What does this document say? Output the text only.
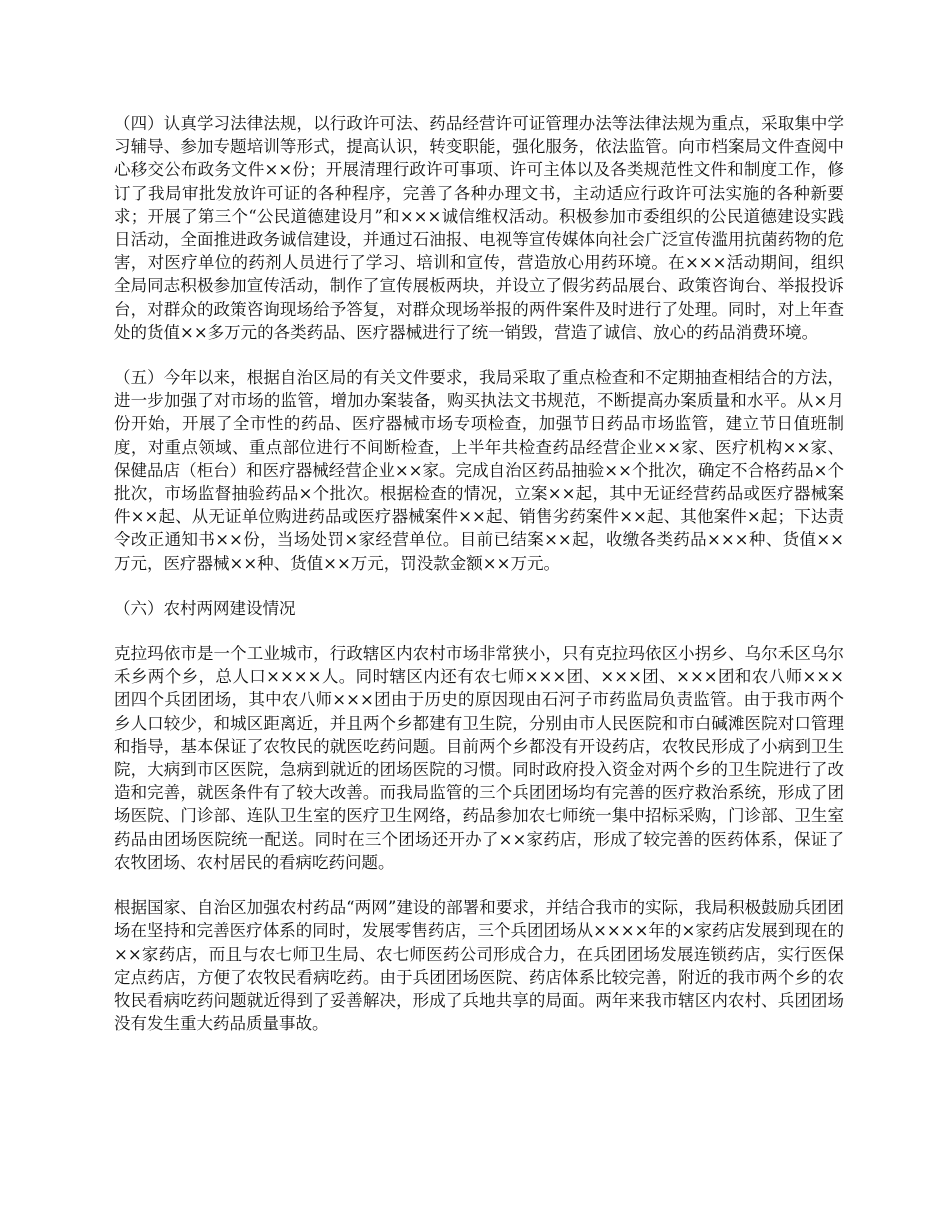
（四）认真学习法律法规，以行政许可法、药品经营许可证管理办法等法律法规为重点，采取集中学习辅导、参加专题培训等形式，提高认识，转变职能，强化服务，依法监管。向市档案局文件查阅中心移交公布政务文件××份；开展清理行政许可事项、许可主体以及各类规范性文件和制度工作，修订了我局审批发放许可证的各种程序，完善了各种办理文书，主动适应行政许可法实施的各种新要求；开展了第三个“公民道德建设月”和×××诚信维权活动。积极参加市委组织的公民道德建设实践日活动，全面推进政务诚信建设，并通过石油报、电视等宣传媒体向社会广泛宣传滥用抗菌药物的危害，对医疗单位的药剂人员进行了学习、培训和宣传，营造放心用药环境。在×××活动期间，组织全局同志积极参加宣传活动，制作了宣传展板两块，并设立了假劣药品展台、政策咨询台、举报投诉台，对群众的政策咨询现场给予答复，对群众现场举报的两件案件及时进行了处理。同时，对上年查处的货值××多万元的各类药品、医疗器械进行了统一销毁，营造了诚信、放心的药品消费环境。

（五）今年以来，根据自治区局的有关文件要求，我局采取了重点检查和不定期抽查相结合的方法，进一步加强了对市场的监管，增加办案装备，购买执法文书规范，不断提高办案质量和水平。从×月份开始，开展了全市性的药品、医疗器械市场专项检查，加强节日药品市场监管，建立节日值班制度，对重点领域、重点部位进行不间断检查，上半年共检查药品经营企业××家、医疗机构××家、保健品店（柜台）和医疗器械经营企业××家。完成自治区药品抽验××个批次，确定不合格药品×个批次，市场监督抽验药品×个批次。根据检查的情况，立案××起，其中无证经营药品或医疗器械案件××起、从无证单位购进药品或医疗器械案件××起、销售劣药案件××起、其他案件×起；下达责令改正通知书××份，当场处罚×家经营单位。目前已结案××起，收缴各类药品×××种、货值××万元，医疗器械××种、货值××万元，罚没款金额××万元。

（六）农村两网建设情况

克拉玛依市是一个工业城市，行政辖区内农村市场非常狭小，只有克拉玛依区小拐乡、乌尔禾区乌尔禾乡两个乡，总人口××××人。同时辖区内还有农七师×××团、×××团、×××团和农八师×××团四个兵团团场，其中农八师×××团由于历史的原因现由石河子市药监局负责监管。由于我市两个乡人口较少，和城区距离近，并且两个乡都建有卫生院，分别由市人民医院和市白碱滩医院对口管理和指导，基本保证了农牧民的就医吃药问题。目前两个乡都没有开设药店，农牧民形成了小病到卫生院，大病到市区医院，急病到就近的团场医院的习惯。同时政府投入资金对两个乡的卫生院进行了改造和完善，就医条件有了较大改善。而我局监管的三个兵团团场均有完善的医疗救治系统，形成了团场医院、门诊部、连队卫生室的医疗卫生网络，药品参加农七师统一集中招标采购，门诊部、卫生室药品由团场医院统一配送。同时在三个团场还开办了××家药店，形成了较完善的医药体系，保证了农牧团场、农村居民的看病吃药问题。

根据国家、自治区加强农村药品“两网”建设的部署和要求，并结合我市的实际，我局积极鼓励兵团团场在坚持和完善医疗体系的同时，发展零售药店，三个兵团团场从××××年的×家药店发展到现在的××家药店，而且与农七师卫生局、农七师医药公司形成合力，在兵团团场发展连锁药店，实行医保定点药店，方便了农牧民看病吃药。由于兵团团场医院、药店体系比较完善，附近的我市两个乡的农牧民看病吃药问题就近得到了妥善解决，形成了兵地共享的局面。两年来我市辖区内农村、兵团团场没有发生重大药品质量事故。
